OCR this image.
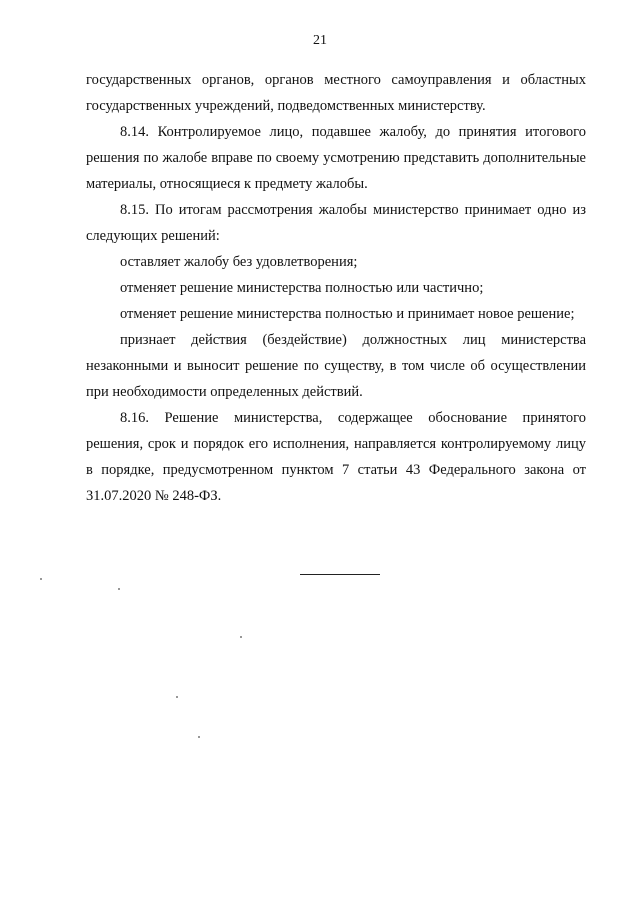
21

государственных органов, органов местного самоуправления и областных государственных учреждений, подведомственных министерству.

8.14. Контролируемое лицо, подавшее жалобу, до принятия итогового решения по жалобе вправе по своему усмотрению представить дополнительные материалы, относящиеся к предмету жалобы.

8.15. По итогам рассмотрения жалобы министерство принимает одно из следующих решений:

оставляет жалобу без удовлетворения;

отменяет решение министерства полностью или частично;

отменяет решение министерства полностью и принимает новое решение;

признает действия (бездействие) должностных лиц министерства незаконными и выносит решение по существу, в том числе об осуществлении при необходимости определенных действий.

8.16. Решение министерства, содержащее обоснование принятого решения, срок и порядок его исполнения, направляется контролируемому лицу в порядке, предусмотренном пунктом 7 статьи 43 Федерального закона от 31.07.2020 № 248-ФЗ.
